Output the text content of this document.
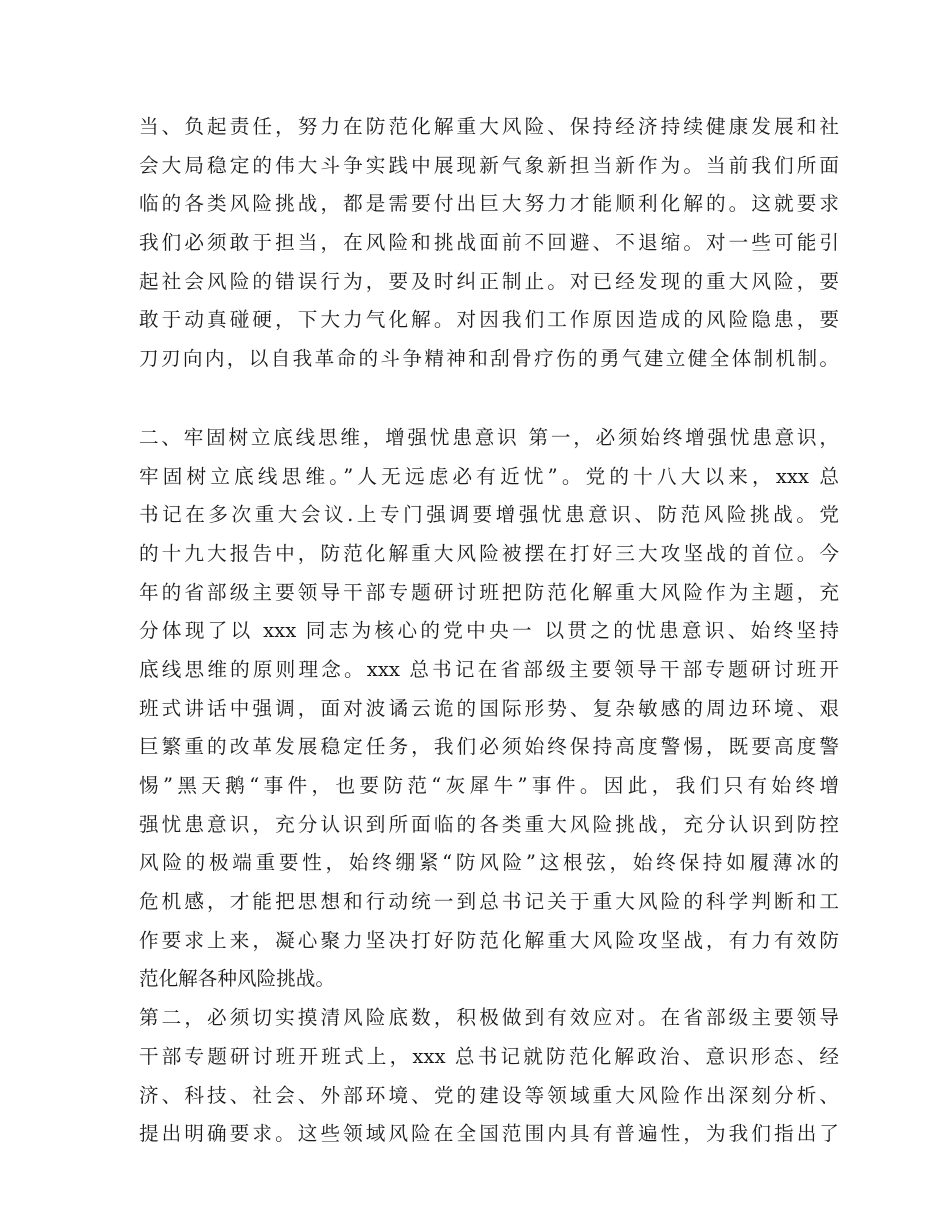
当、负起责任，努力在防范化解重大风险、保持经济持续健康发展和社
会大局稳定的伟大斗争实践中展现新气象新担当新作为。当前我们所面
临的各类风险挑战，都是需要付出巨大努力才能顺利化解的。这就要求
我们必须敢于担当，在风险和挑战面前不回避、不退缩。对一些可能引
起社会风险的错误行为，要及时纠正制止。对已经发现的重大风险，要
敢于动真碰硬，下大力气化解。对因我们工作原因造成的风险隐患，要
刀刃向内，以自我革命的斗争精神和刮骨疗伤的勇气建立健全体制机制。
二、牢固树立底线思维，增强忧患意识 第一，必须始终增强忧患意识，
牢固树立底线思维。”人无远虑必有近忧”。党的十八大以来，xxx 总
书记在多次重大会议.上专门强调要增强忧患意识、防范风险挑战。党
的十九大报告中，防范化解重大风险被摆在打好三大攻坚战的首位。今
年的省部级主要领导干部专题研讨班把防范化解重大风险作为主题，充
分体现了以 xxx 同志为核心的党中央一 以贯之的忧患意识、始终坚持
底线思维的原则理念。xxx 总书记在省部级主要领导干部专题研讨班开
班式讲话中强调，面对波谲云诡的国际形势、复杂敏感的周边环境、艰
巨繁重的改革发展稳定任务，我们必须始终保持高度警惕，既要高度警
惕”黑天鹅“事件，也要防范“灰犀牛”事件。因此，我们只有始终增
强忧患意识，充分认识到所面临的各类重大风险挑战，充分认识到防控
风险的极端重要性，始终绷紧“防风险”这根弦，始终保持如履薄冰的
危机感，才能把思想和行动统一到总书记关于重大风险的科学判断和工
作要求上来，凝心聚力坚决打好防范化解重大风险攻坚战，有力有效防
范化解各种风险挑战。
第二，必须切实摸清风险底数，积极做到有效应对。在省部级主要领导
干部专题研讨班开班式上，xxx 总书记就防范化解政治、意识形态、经
济、科技、社会、外部环境、党的建设等领域重大风险作出深刻分析、
提出明确要求。这些领域风险在全国范围内具有普遍性，为我们指出了
